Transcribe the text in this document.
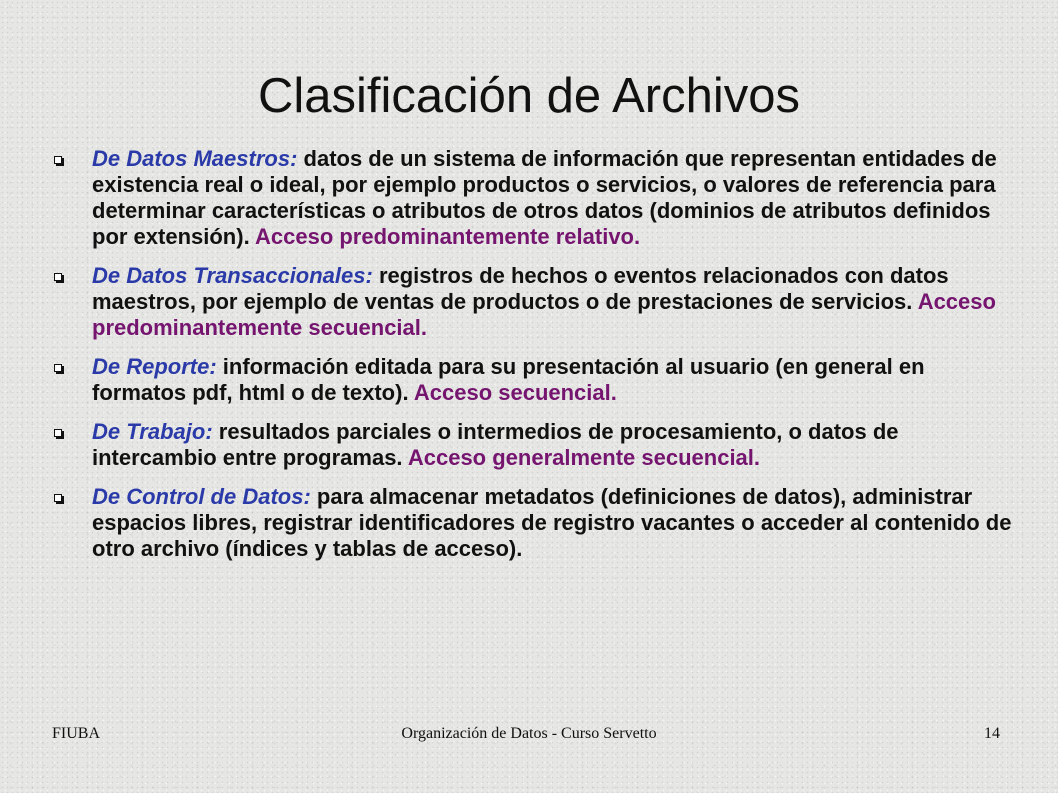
Clasificación de Archivos
De Datos Maestros: datos de un sistema de información que representan entidades de existencia real o ideal, por ejemplo productos o servicios, o valores de referencia para determinar características o atributos de otros datos (dominios de atributos definidos por extensión). Acceso predominantemente relativo.
De Datos Transaccionales: registros de hechos o eventos relacionados con datos maestros, por ejemplo de ventas de productos o de prestaciones de servicios. Acceso predominantemente secuencial.
De Reporte: información editada para su presentación al usuario (en general en formatos pdf, html o de texto). Acceso secuencial.
De Trabajo: resultados parciales o intermedios de procesamiento, o datos de intercambio entre programas. Acceso generalmente secuencial.
De Control de Datos: para almacenar metadatos (definiciones de datos), administrar espacios libres, registrar identificadores de registro vacantes o acceder al contenido de otro archivo (índices y tablas de acceso).
Organización de Datos - Curso Servetto
FIUBA	14
